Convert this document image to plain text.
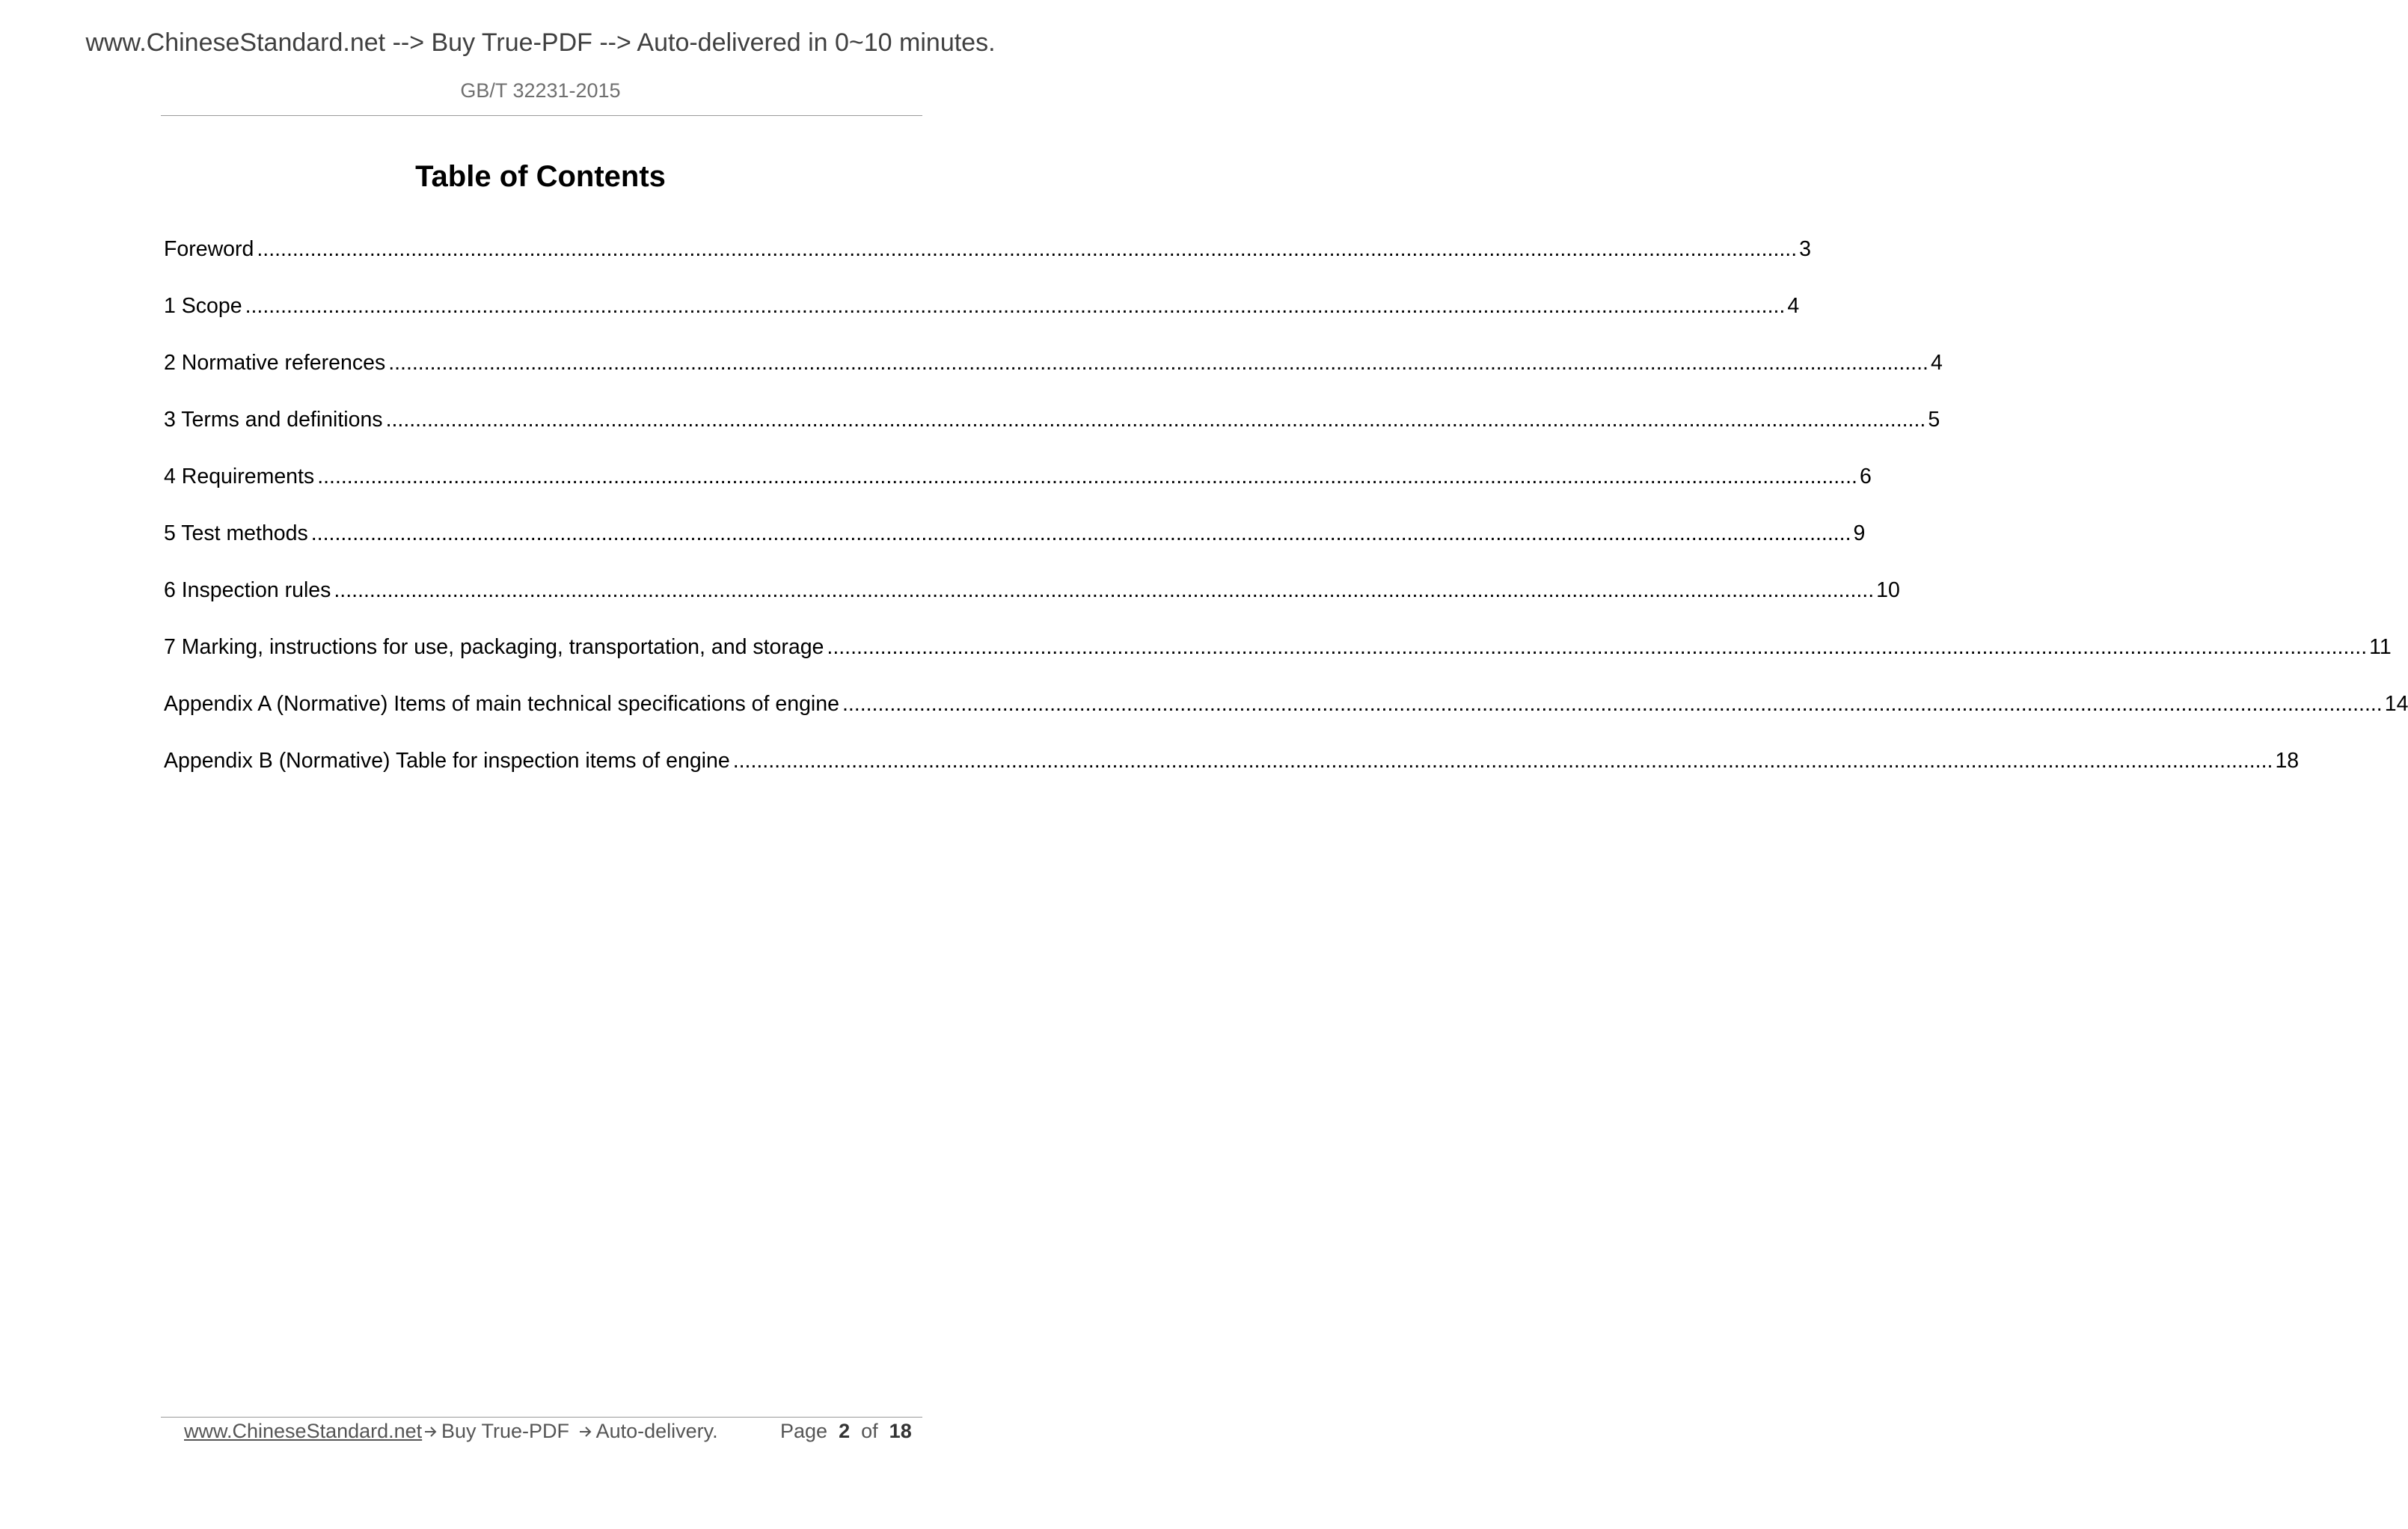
www.ChineseStandard.net --> Buy True-PDF --> Auto-delivered in 0~10 minutes.
GB/T 32231-2015
Table of Contents
Foreword .................................................................................................................................................................................................................................................................... 3
1 Scope .................................................................................................................................................................................................................................................................... 4
2 Normative references .................................................................................................................................................................................................................................................................... 4
3 Terms and definitions .................................................................................................................................................................................................................................................................... 5
4 Requirements .................................................................................................................................................................................................................................................................... 6
5 Test methods .................................................................................................................................................................................................................................................................... 9
6 Inspection rules .................................................................................................................................................................................................................................................................... 10
7 Marking, instructions for use, packaging, transportation, and storage .................................................................................................................................................................................................................................................................... 11
Appendix A (Normative) Items of main technical specifications of engine .................................................................................................................................................................................................................................................................... 14
Appendix B (Normative) Table for inspection items of engine .................................................................................................................................................................................................................................................................... 18
www.ChineseStandard.net Buy True-PDF Auto-delivery.	Page 2 of 18
